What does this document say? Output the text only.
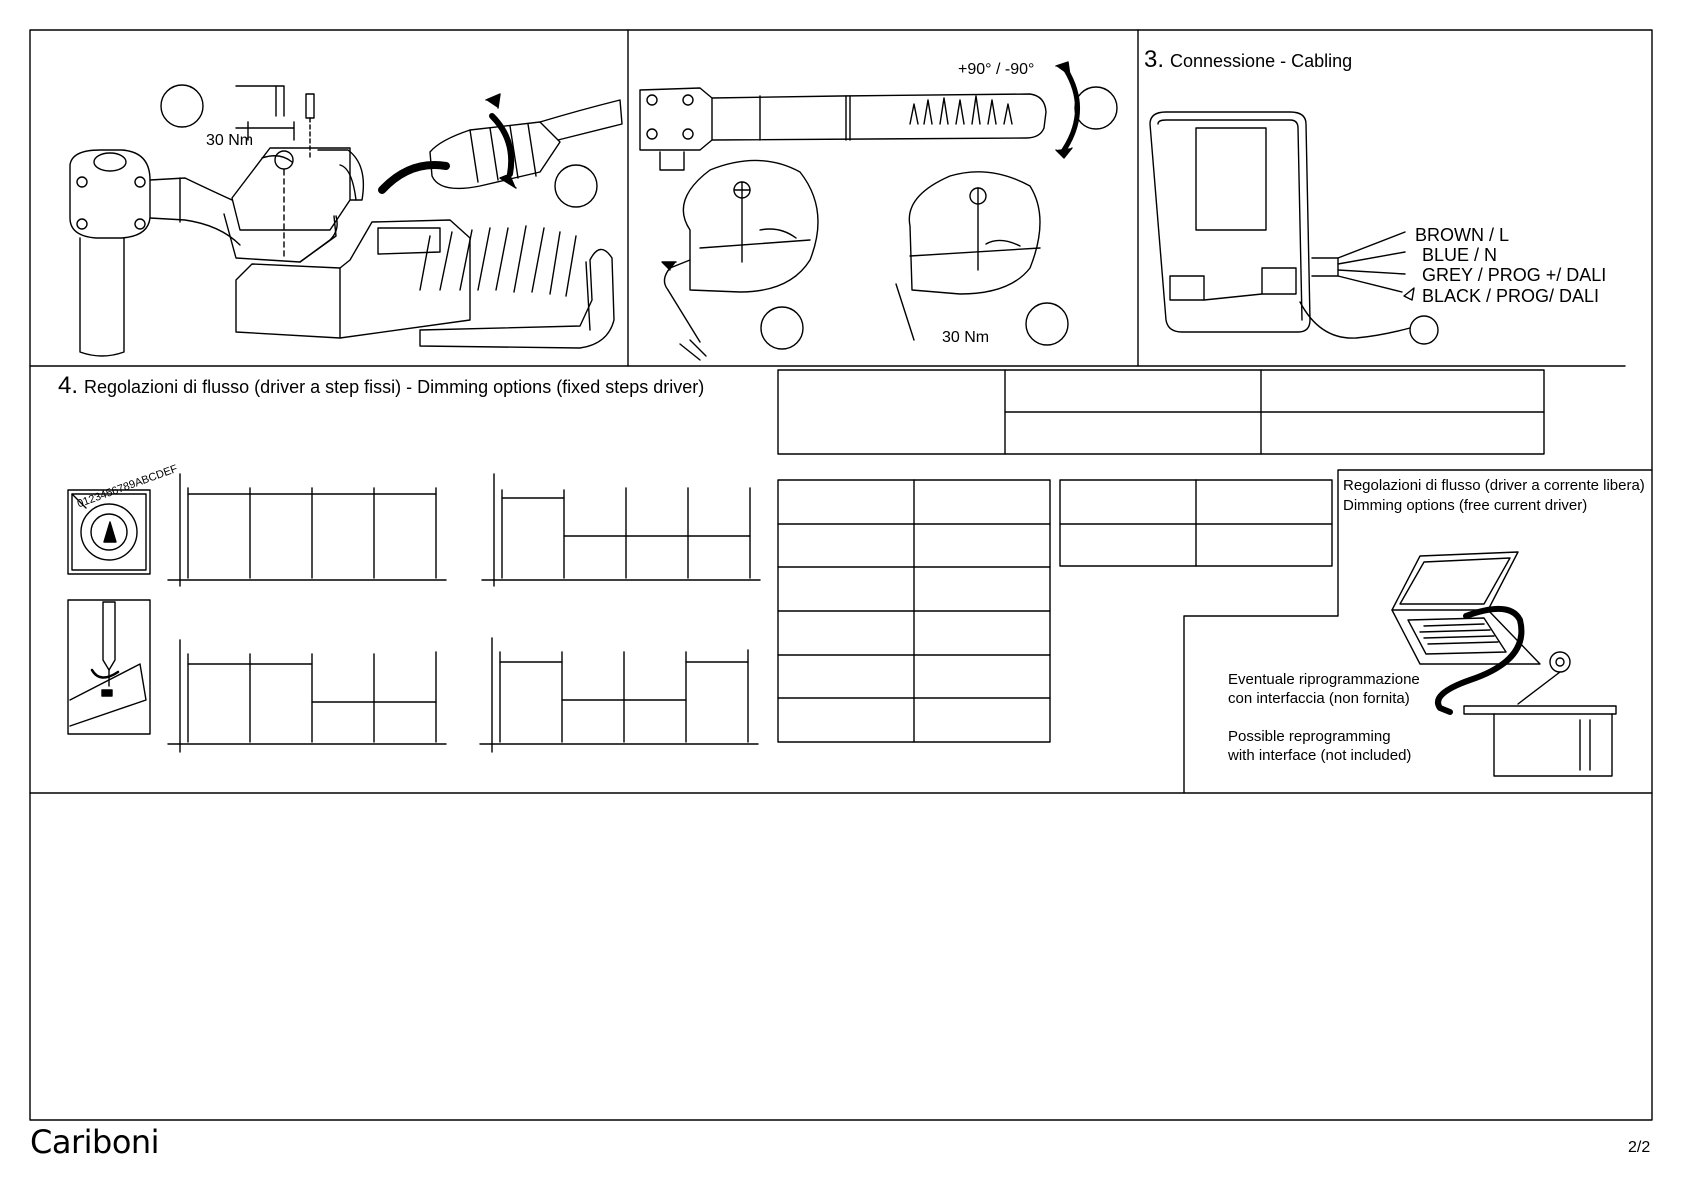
30 Nm
+90° / -90°
30 Nm
3. Connessione - Cabling
BROWN / L
BLUE / N
GREY / PROG +/ DALI
BLACK / PROG/ DALI
4. Regolazioni di flusso (driver a step fissi) - Dimming options (fixed steps driver)
0123456789ABCDEF	Regolazioni di flusso (driver a corrente libera)
Dimming options (free current driver)
Eventuale riprogrammazione
con interfaccia (non fornita)
Possible reprogramming
with interface (not included)
Cariboni	2/2
